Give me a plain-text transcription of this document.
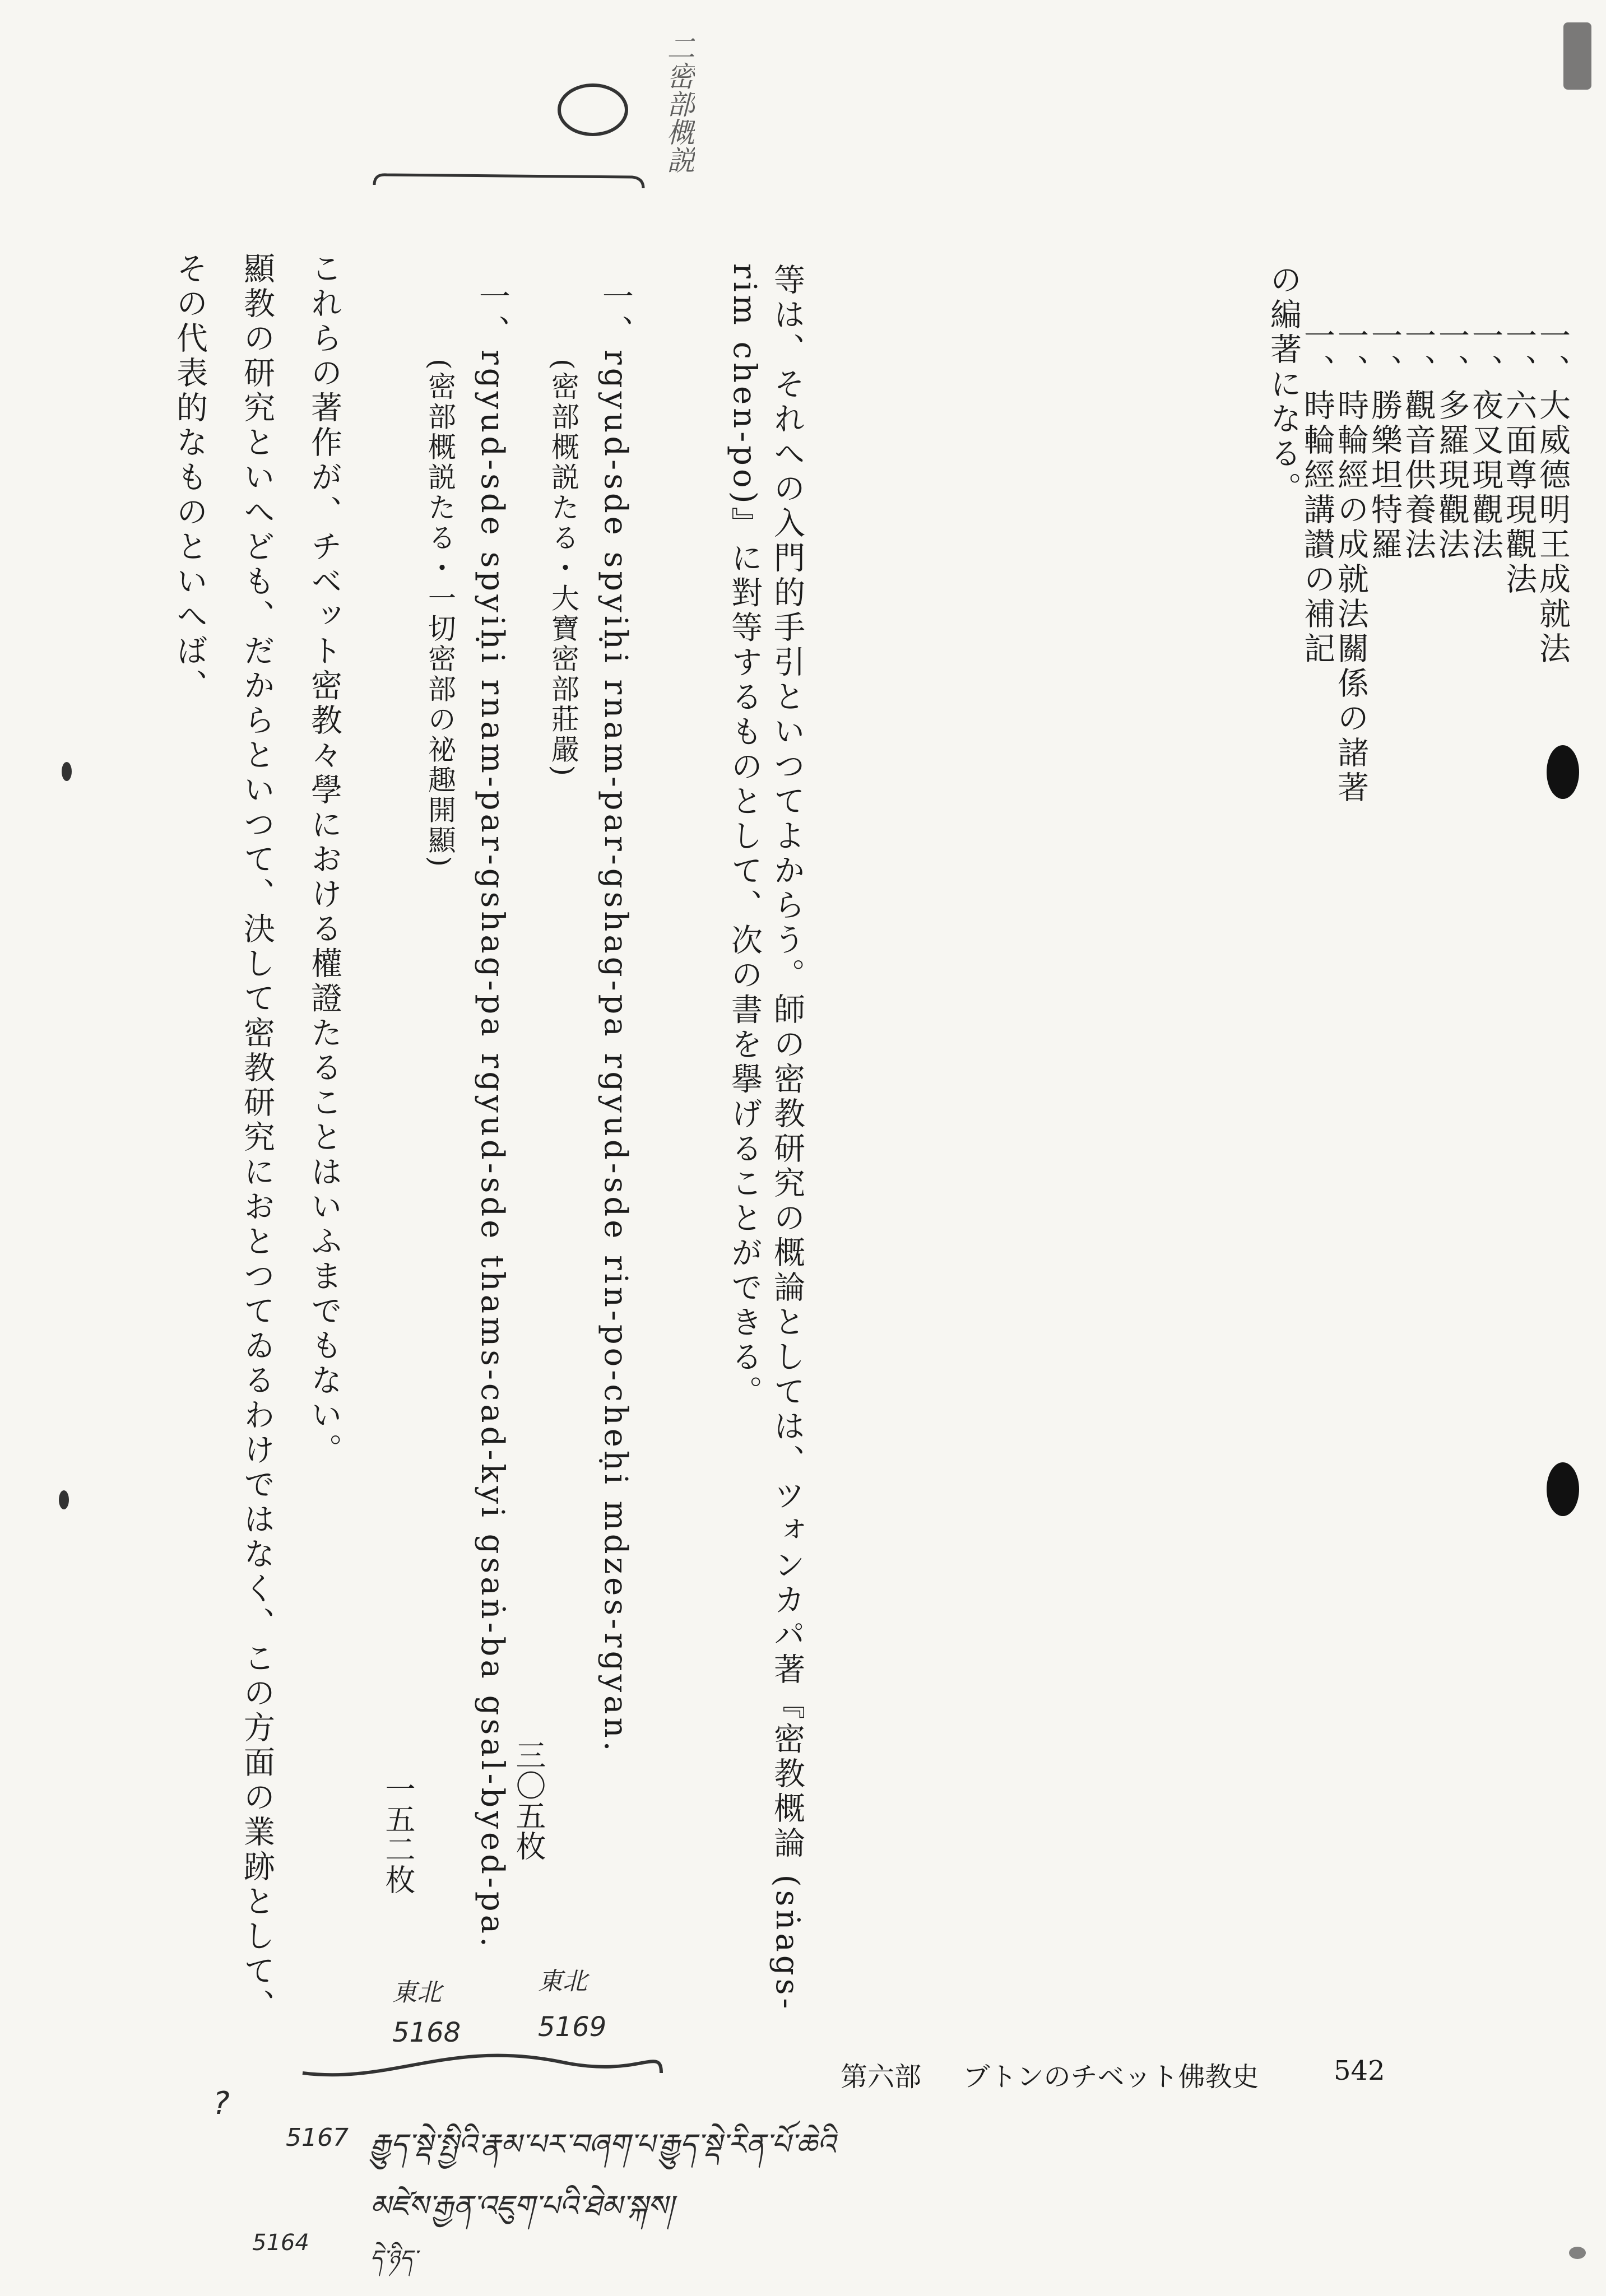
の編著になる。
一、時輪經講讃の補記
一、時輪經の成就法關係の諸著
一、勝樂坦特羅
一、觀音供養法
一、多羅現觀法
一、夜叉現觀法
一、六面尊現觀法
一、大威德明王成就法
等は、それへの入門的手引といつてよからう。師の密教研究の概論としては、ツォンカパ著『密教概論 (sṅags-
rim chen-po)』に對等するものとして、次の書を擧げることができる。
一、rgyud-sde spyiḥi rnam-par-gshag-pa rgyud-sde rin-po-cheḥi mdzes-rgyan.
(密部概説たる・大寶密部莊嚴)
一、rgyud-sde spyiḥi rnam-par-gshag-pa rgyud-sde thams-cad-kyi gsaṅ-ba gsal-byed-pa.
(密部概説たる・一切密部の祕趣開顯)
これらの著作が、チベット密教々學における權證たることはいふまでもない。
顯教の研究といへども、だからといつて、決して密教研究におとつてゐるわけではなく、この方面の業跡として、
その代表的なものといへば、
三〇五枚
一五二枚
第六部 ブトンのチベット佛教史	542
二密部概説
東北
5168
東北
5169
?
5167 རྒྱུད་སྡེ་སྤྱིའི་རྣམ་པར་བཞག་པ་རྒྱུད་སྡེ་རིན་པོ་ཆེའི
མཛེས་རྒྱན་འཇུག་པའི་ཐེམ་སྐས།
5164
དེ་ཉིད་
